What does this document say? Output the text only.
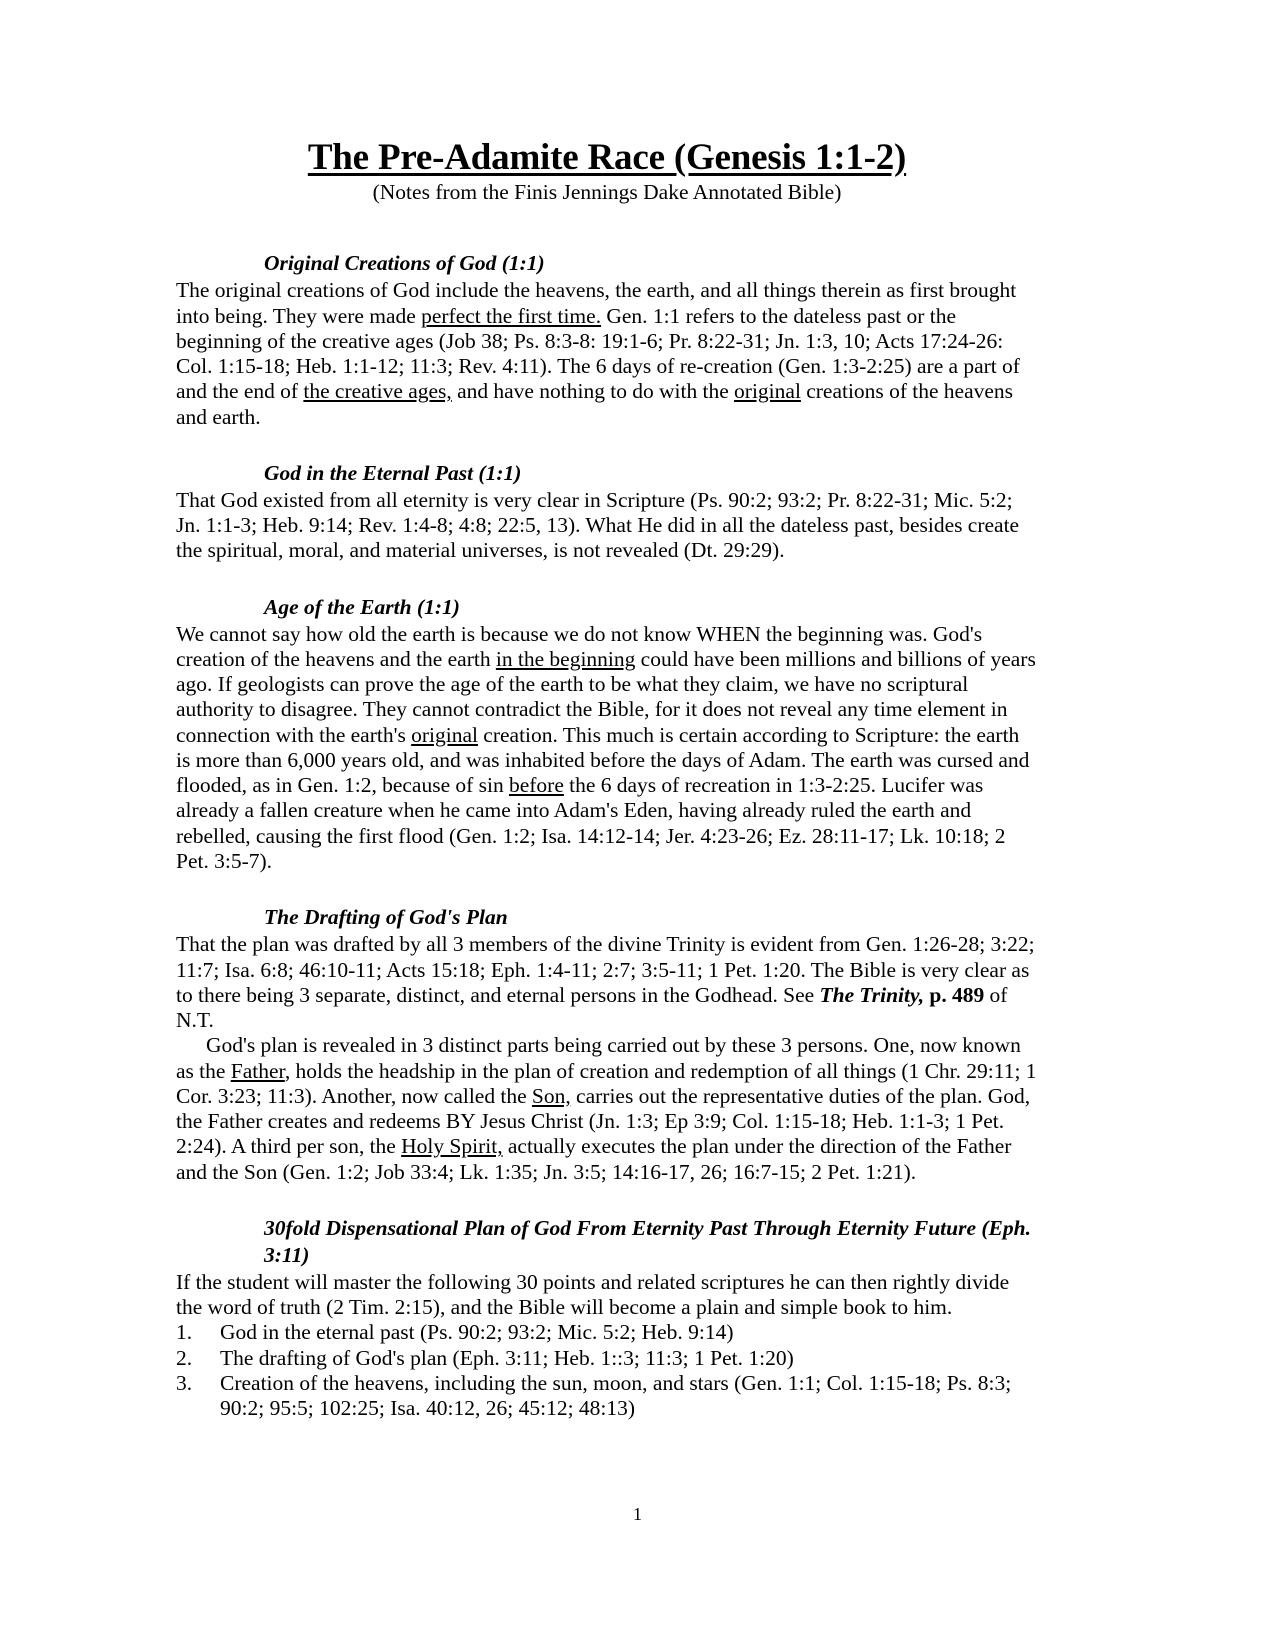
The Pre-Adamite Race (Genesis 1:1-2)
(Notes from the Finis Jennings Dake Annotated Bible)
Original Creations of God (1:1)

The original creations of God include the heavens, the earth, and all things therein as first brought into being. They were made perfect the first time. Gen. 1:1 refers to the dateless past or the beginning of the creative ages (Job 38; Ps. 8:3-8: 19:1-6; Pr. 8:22-31; Jn. 1:3, 10; Acts 17:24-26: Col. 1:15-18; Heb. 1:1-12; 11:3; Rev. 4:11). The 6 days of re-creation (Gen. 1:3-2:25) are a part of and the end of the creative ages, and have nothing to do with the original creations of the heavens and earth.

God in the Eternal Past (1:1)

That God existed from all eternity is very clear in Scripture (Ps. 90:2; 93:2; Pr. 8:22-31; Mic. 5:2; Jn. 1:1-3; Heb. 9:14; Rev. 1:4-8; 4:8; 22:5, 13). What He did in all the dateless past, besides create the spiritual, moral, and material universes, is not revealed (Dt. 29:29).

Age of the Earth (1:1)

We cannot say how old the earth is because we do not know WHEN the beginning was. God's creation of the heavens and the earth in the beginning could have been millions and billions of years ago. If geologists can prove the age of the earth to be what they claim, we have no scriptural authority to disagree. They cannot contradict the Bible, for it does not reveal any time element in connection with the earth's original creation. This much is certain according to Scripture: the earth is more than 6,000 years old, and was inhabited before the days of Adam. The earth was cursed and flooded, as in Gen. 1:2, because of sin before the 6 days of recreation in 1:3-2:25. Lucifer was already a fallen creature when he came into Adam's Eden, having already ruled the earth and rebelled, causing the first flood (Gen. 1:2; Isa. 14:12-14; Jer. 4:23-26; Ez. 28:11-17; Lk. 10:18; 2 Pet. 3:5-7).

The Drafting of God's Plan

That the plan was drafted by all 3 members of the divine Trinity is evident from Gen. 1:26-28; 3:22; 11:7; Isa. 6:8; 46:10-11; Acts 15:18; Eph. 1:4-11; 2:7; 3:5-11; 1 Pet. 1:20. The Bible is very clear as to there being 3 separate, distinct, and eternal persons in the Godhead. See The Trinity, p. 489 of N.T.

God's plan is revealed in 3 distinct parts being carried out by these 3 persons. One, now known as the Father, holds the headship in the plan of creation and redemption of all things (1 Chr. 29:11; 1 Cor. 3:23; 11:3). Another, now called the Son, carries out the representative duties of the plan. God, the Father creates and redeems BY Jesus Christ (Jn. 1:3; Ep 3:9; Col. 1:15-18; Heb. 1:1-3; 1 Pet. 2:24). A third per son, the Holy Spirit, actually executes the plan under the direction of the Father and the Son (Gen. 1:2; Job 33:4; Lk. 1:35; Jn. 3:5; 14:16-17, 26; 16:7-15; 2 Pet. 1:21).

30fold Dispensational Plan of God From Eternity Past Through Eternity Future (Eph. 3:11)

If the student will master the following 30 points and related scriptures he can then rightly divide the word of truth (2 Tim. 2:15), and the Bible will become a plain and simple book to him.

1.	God in the eternal past (Ps. 90:2; 93:2; Mic. 5:2; Heb. 9:14)
2.	The drafting of God's plan (Eph. 3:11; Heb. 1::3; 11:3; 1 Pet. 1:20)
3.	Creation of the heavens, including the sun, moon, and stars (Gen. 1:1; Col. 1:15-18; Ps. 8:3; 90:2; 95:5; 102:25; Isa. 40:12, 26; 45:12; 48:13)
1
